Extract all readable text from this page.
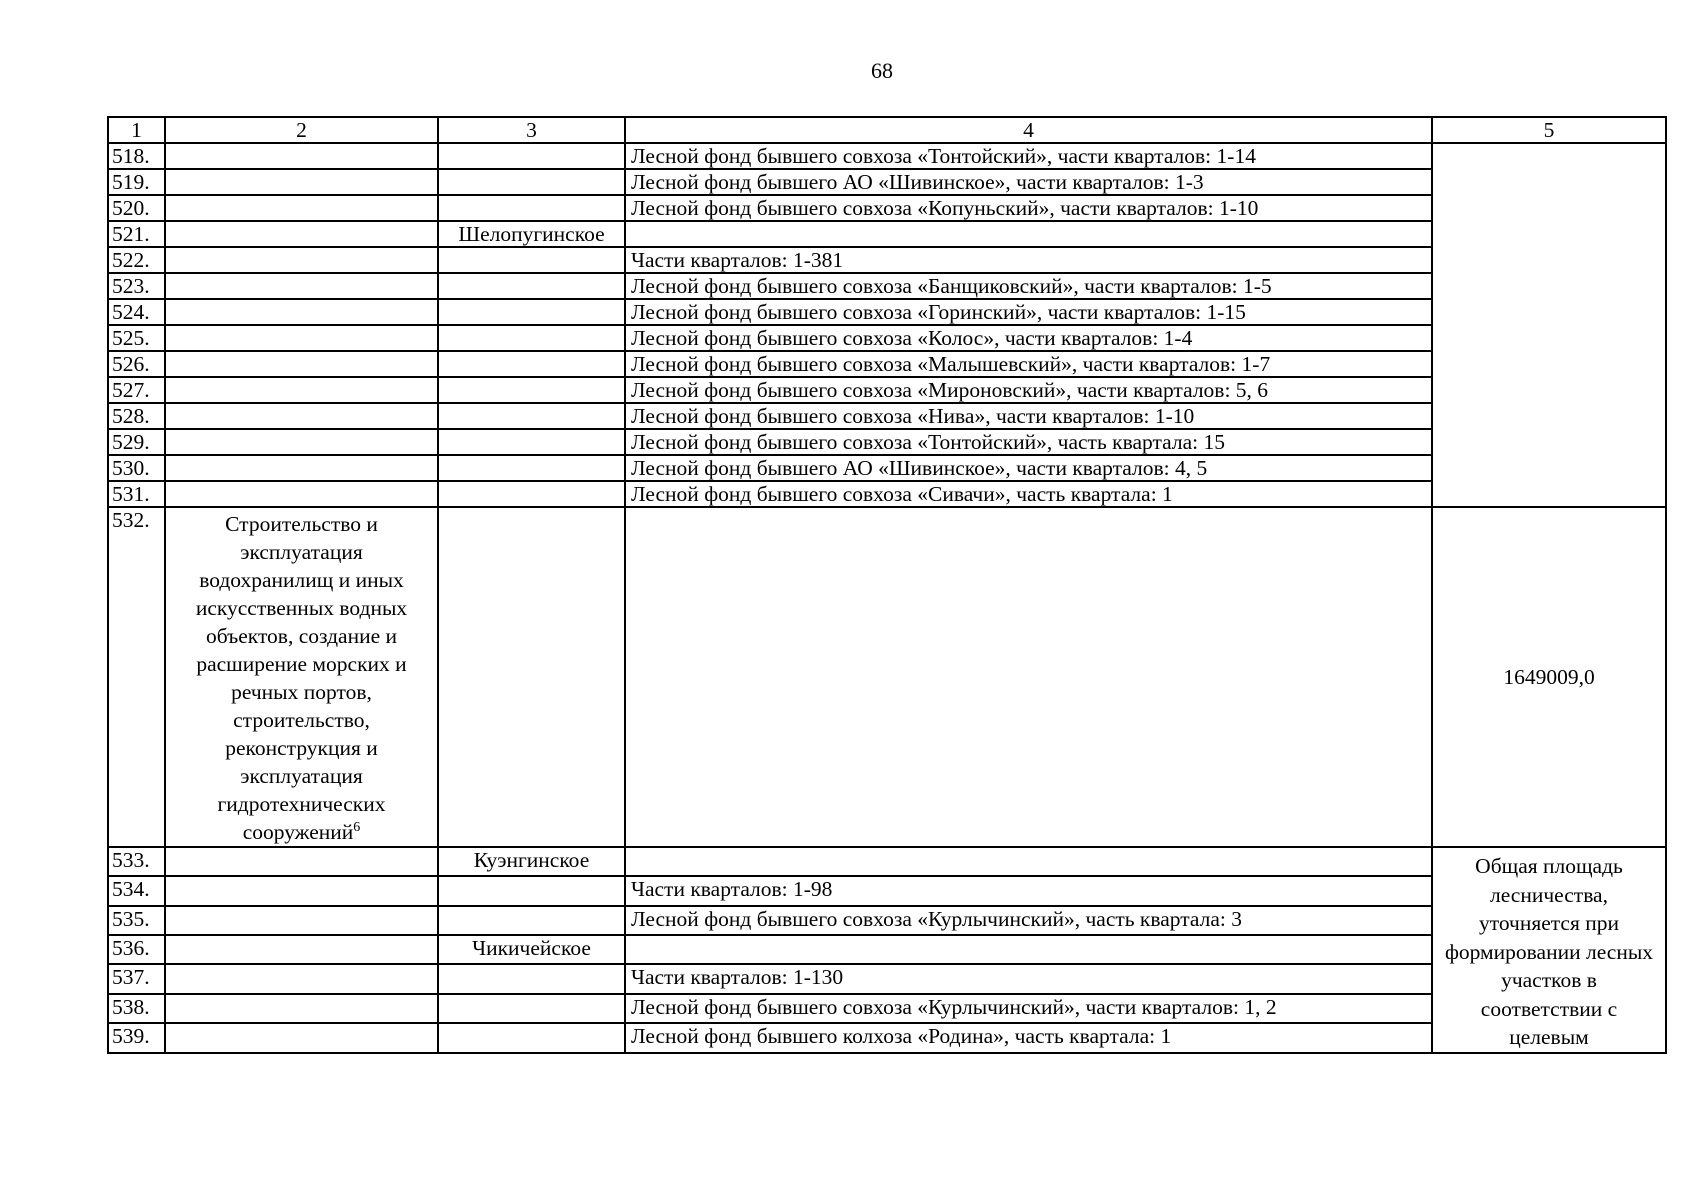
68
1	2	3	4	5
518.			Лесной фонд бывшего совхоза «Тонтойский», части кварталов: 1-14	
519.			Лесной фонд бывшего АО «Шивинское», части кварталов: 1-3	
520.			Лесной фонд бывшего совхоза «Копуньский», части кварталов: 1-10	
521.		Шелопугинское		
522.			Части кварталов: 1-381	
523.			Лесной фонд бывшего совхоза «Банщиковский», части кварталов: 1-5	
524.			Лесной фонд бывшего совхоза «Горинский», части кварталов: 1-15	
525.			Лесной фонд бывшего совхоза «Колос», части кварталов: 1-4	
526.			Лесной фонд бывшего совхоза «Малышевский», части кварталов: 1-7	
527.			Лесной фонд бывшего совхоза «Мироновский», части кварталов: 5, 6	
528.			Лесной фонд бывшего совхоза «Нива», части кварталов: 1-10	
529.			Лесной фонд бывшего совхоза «Тонтойский», часть квартала: 15	
530.			Лесной фонд бывшего АО «Шивинское», части кварталов: 4, 5	
531.			Лесной фонд бывшего совхоза «Сивачи», часть квартала: 1	
532.	Строительство и эксплуатация водохранилищ и иных искусственных водных объектов, создание и расширение морских и речных портов, строительство, реконструкция и эксплуатация гидротехнических сооружений$^6$			1649009,0
533.		Куэнгинское		Общая площадь лесничества, уточняется при формировании лесных участков в соответствии с целевым
534.			Части кварталов: 1-98	
535.			Лесной фонд бывшего совхоза «Курлычинский», часть квартала: 3	
536.		Чикичейское		
537.			Части кварталов: 1-130	
538.			Лесной фонд бывшего совхоза «Курлычинский», части кварталов: 1, 2	
539.			Лесной фонд бывшего колхоза «Родина», часть квартала: 1	
